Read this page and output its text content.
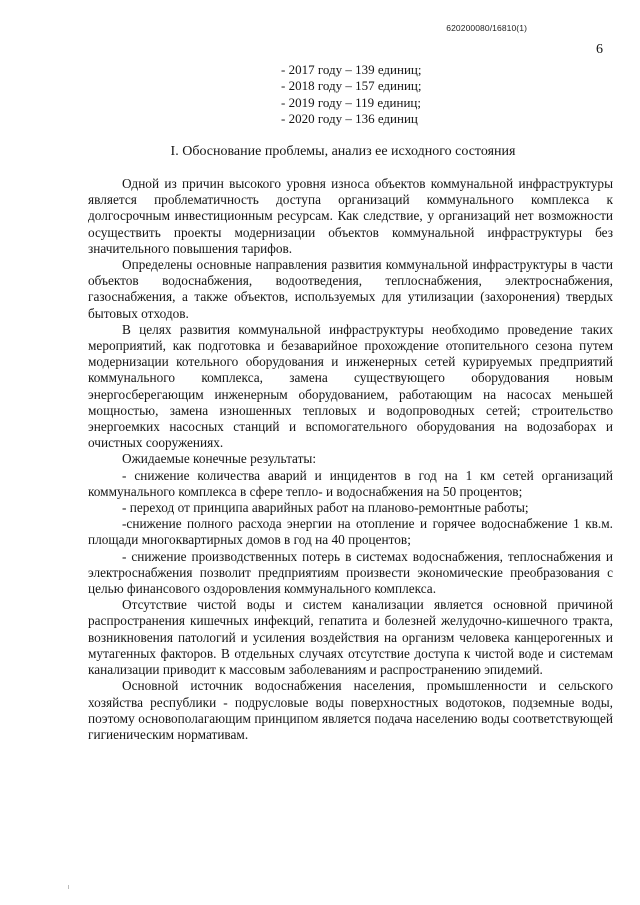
620200080/16810(1)
6
- 2017 году – 139 единиц;
- 2018 году – 157 единиц;
- 2019 году – 119 единиц;
- 2020 году – 136 единиц
I. Обоснование проблемы, анализ ее исходного состояния

Одной из причин высокого уровня износа объектов коммунальной инфраструктуры является проблематичность доступа организаций коммунального комплекса к долгосрочным инвестиционным ресурсам. Как следствие, у организаций нет возможности осуществить проекты модернизации объектов коммунальной инфраструктуры без значительного повышения тарифов.

Определены основные направления развития коммунальной инфраструктуры в части объектов водоснабжения, водоотведения, теплоснабжения, электроснабжения, газоснабжения, а также объектов, используемых для утилизации (захоронения) твердых бытовых отходов.

В целях развития коммунальной инфраструктуры необходимо проведение таких мероприятий, как подготовка и безаварийное прохождение отопительного сезона путем модернизации котельного оборудования и инженерных сетей курируемых предприятий коммунального комплекса, замена существующего оборудования новым энергосберегающим инженерным оборудованием, работающим на насосах меньшей мощностью, замена изношенных тепловых и водопроводных сетей; строительство энергоемких насосных станций и вспомогательного оборудования на водозаборах и очистных сооружениях.

Ожидаемые конечные результаты:

- снижение количества аварий и инцидентов в год на 1 км сетей организаций коммунального комплекса в сфере тепло- и водоснабжения на 50 процентов;

- переход от принципа аварийных работ на планово-ремонтные работы;

-снижение полного расхода энергии на отопление и горячее водоснабжение 1 кв.м. площади многоквартирных домов в год на 40 процентов;

- снижение производственных потерь в системах водоснабжения, теплоснабжения и электроснабжения позволит предприятиям произвести экономические преобразования с целью финансового оздоровления коммунального комплекса.

Отсутствие чистой воды и систем канализации является основной причиной распространения кишечных инфекций, гепатита и болезней желудочно-кишечного тракта, возникновения патологий и усиления воздействия на организм человека канцерогенных и мутагенных факторов. В отдельных случаях отсутствие доступа к чистой воде и системам канализации приводит к массовым заболеваниям и распространению эпидемий.

Основной источник водоснабжения населения, промышленности и сельского хозяйства республики - подрусловые воды поверхностных водотоков, подземные воды, поэтому основополагающим принципом является подача населению воды соответствующей гигиеническим нормативам.
